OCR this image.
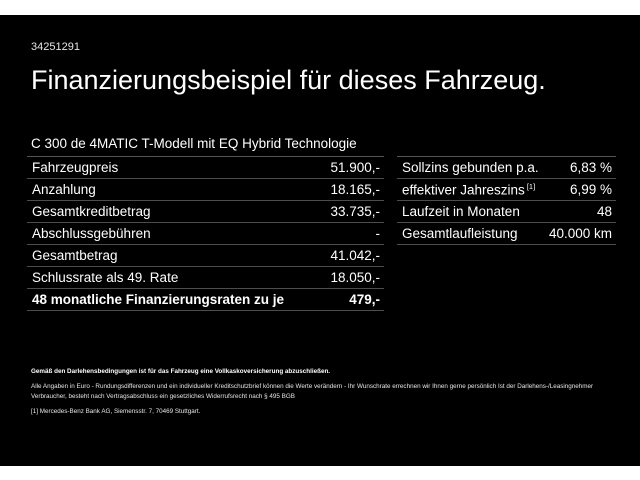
34251291
Finanzierungsbeispiel für dieses Fahrzeug.
C 300 de 4MATIC T-Modell mit EQ Hybrid Technologie
Fahrzeugpreis	51.900,-
Anzahlung	18.165,-
Gesamtkreditbetrag	33.735,-
Abschlussgebühren	-
Gesamtbetrag	41.042,-
Schlussrate als 49. Rate	18.050,-
48 monatliche Finanzierungsraten zu je	479,-
Sollzins gebunden p.a. 6,83 %
effektiver Jahreszins [1]	6,99 %
Laufzeit in Monaten	48
Gesamtlaufleistung 40.000 km
Gemäß den Darlehensbedingungen ist für das Fahrzeug eine Vollkaskoversicherung abzuschließen.
Alle Angaben in Euro - Rundungsdifferenzen und ein individueller Kreditschutzbrief können die Werte verändern - Ihr Wunschrate errechnen wir Ihnen gerne persönlich Ist der Darlehens-/Leasingnehmer Verbraucher, besteht nach Vertragsabschluss ein gesetzliches Widerrufsrecht nach § 495 BGB
[1] Mercedes-Benz Bank AG, Siemensstr. 7, 70469 Stuttgart.
